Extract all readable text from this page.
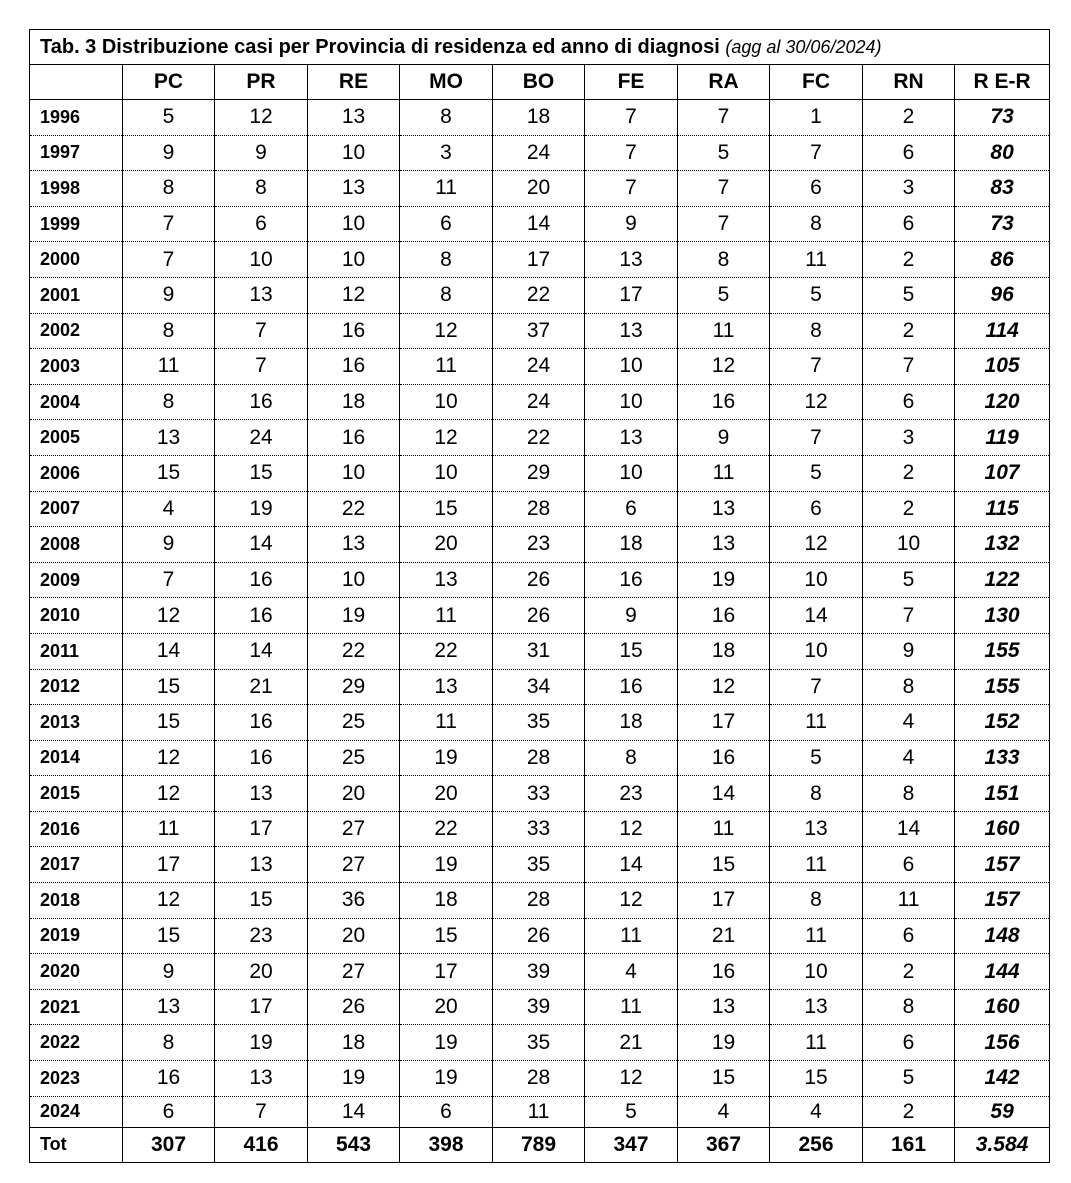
Tab. 3 Distribuzione casi per Provincia di residenza ed anno di diagnosi (agg al 30/06/2024)										
	PC	PR	RE	MO	BO	FE	RA	FC	RN	R E-R
1996	5	12	13	8	18	7	7	1	2	73
1997	9	9	10	3	24	7	5	7	6	80
1998	8	8	13	11	20	7	7	6	3	83
1999	7	6	10	6	14	9	7	8	6	73
2000	7	10	10	8	17	13	8	11	2	86
2001	9	13	12	8	22	17	5	5	5	96
2002	8	7	16	12	37	13	11	8	2	114
2003	11	7	16	11	24	10	12	7	7	105
2004	8	16	18	10	24	10	16	12	6	120
2005	13	24	16	12	22	13	9	7	3	119
2006	15	15	10	10	29	10	11	5	2	107
2007	4	19	22	15	28	6	13	6	2	115
2008	9	14	13	20	23	18	13	12	10	132
2009	7	16	10	13	26	16	19	10	5	122
2010	12	16	19	11	26	9	16	14	7	130
2011	14	14	22	22	31	15	18	10	9	155
2012	15	21	29	13	34	16	12	7	8	155
2013	15	16	25	11	35	18	17	11	4	152
2014	12	16	25	19	28	8	16	5	4	133
2015	12	13	20	20	33	23	14	8	8	151
2016	11	17	27	22	33	12	11	13	14	160
2017	17	13	27	19	35	14	15	11	6	157
2018	12	15	36	18	28	12	17	8	11	157
2019	15	23	20	15	26	11	21	11	6	148
2020	9	20	27	17	39	4	16	10	2	144
2021	13	17	26	20	39	11	13	13	8	160
2022	8	19	18	19	35	21	19	11	6	156
2023	16	13	19	19	28	12	15	15	5	142
2024	6	7	14	6	11	5	4	4	2	59
Tot	307	416	543	398	789	347	367	256	161	3.584
